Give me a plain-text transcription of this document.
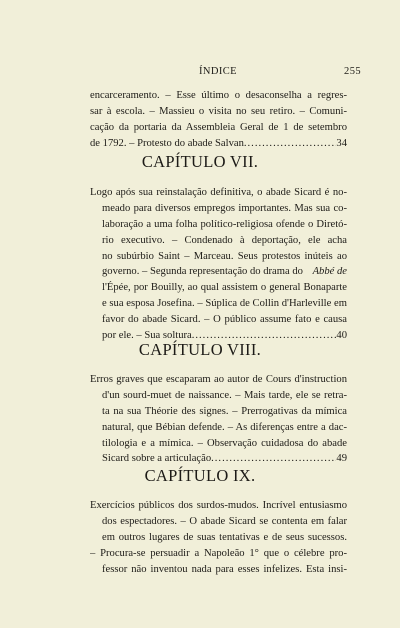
ÍNDICE	255
encarceramento. – Esse último o desaconselha a regres-
sar à escola. – Massieu o visita no seu retiro. – Comuni-
cação da portaria da Assembleia Geral de 1 de setembro
de 1792. – Protesto do abade Salvan .....	34
CAPÍTULO VII.
Logo após sua reinstalação definitiva, o abade Sicard é no-
meado para diversos empregos importantes. Mas sua co-
laboração a uma folha político-religiosa ofende o Diretó-
rio executivo. – Condenado à deportação, ele acha
no subúrbio Saint – Marceau. Seus protestos inúteis ao
governo. – Segunda representação do drama do Abbé de
l'Épée, por Bouilly, ao qual assistem o general Bonaparte
e sua esposa Josefina. – Súplica de Collin d'Harleville em
favor do abade Sicard. – O público assume fato e causa
por ele. – Sua soltura .....	40
CAPÍTULO VIII.
Erros graves que escaparam ao autor de Cours d'instruction
d'un sourd-muet de naissance. – Mais tarde, ele se retra-
ta na sua Théorie des signes. – Prerrogativas da mímica
natural, que Bébian defende. – As diferenças entre a dac-
tilologia e a mímica. – Observação cuidadosa do abade
Sicard sobre a articulação .....	49
CAPÍTULO IX.
Exercícios públicos dos surdos-mudos. Incrível entusiasmo
dos espectadores. – O abade Sicard se contenta em falar
em outros lugares de suas tentativas e de seus sucessos.
– Procura-se persuadir a Napoleão 1° que o célebre pro-
fessor não inventou nada para esses infelizes. Esta insi-
